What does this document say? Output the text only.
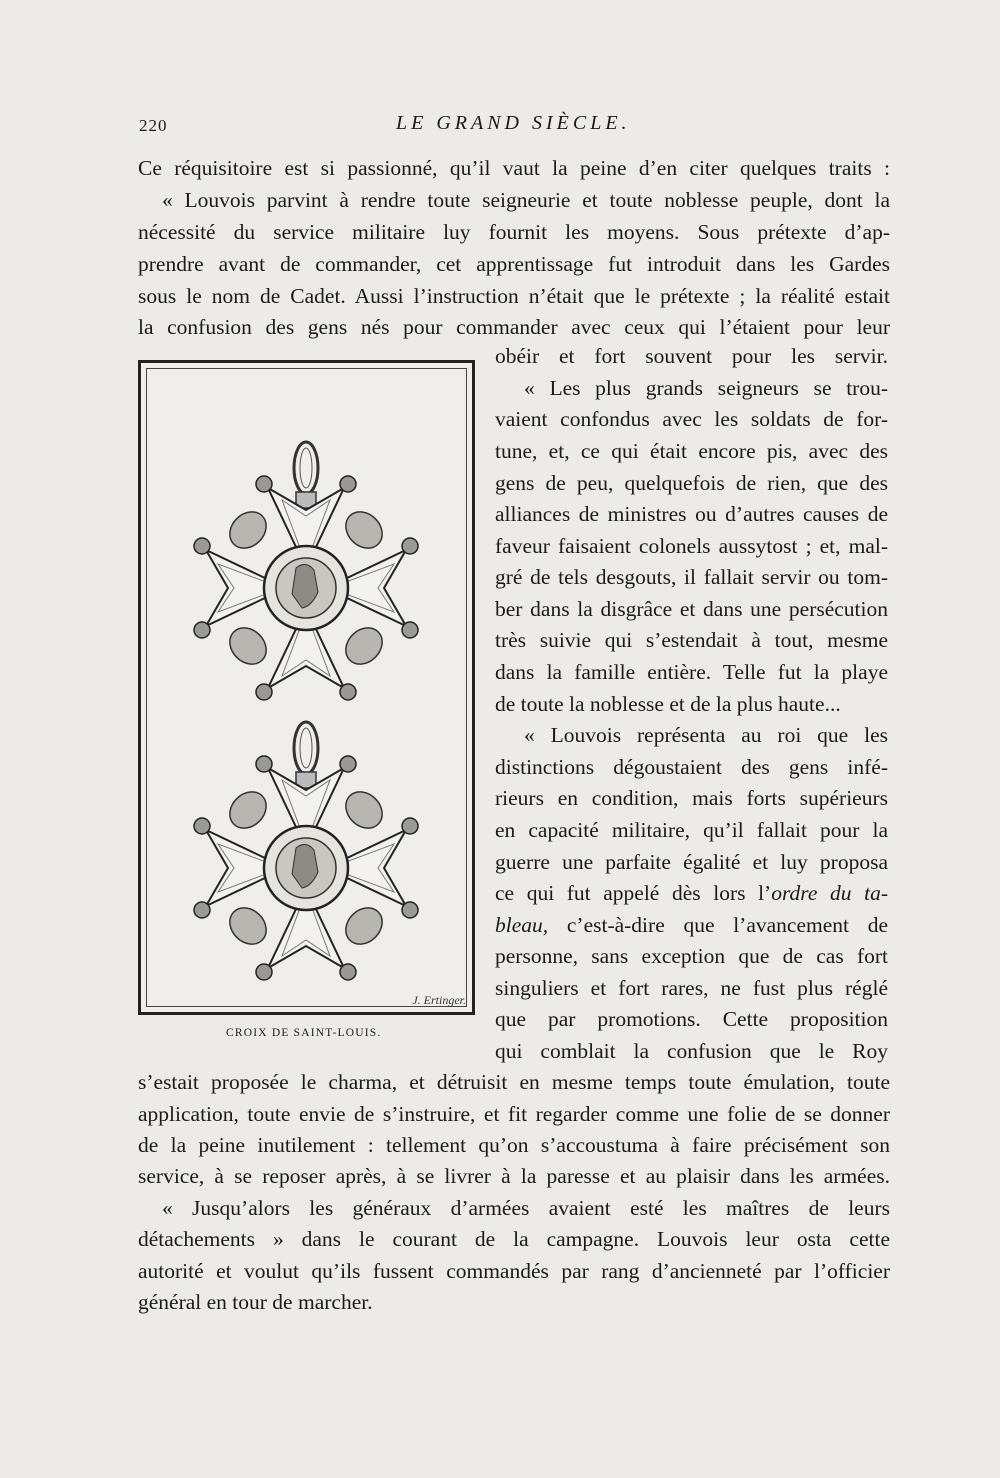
220	LE GRAND SIÈCLE.
Ce réquisitoire est si passionné, qu’il vaut la peine d’en citer quelques traits :
« Louvois parvint à rendre toute seigneurie et toute noblesse peuple, dont la
nécessité du service militaire luy fournit les moyens. Sous prétexte d’ap-
prendre avant de commander, cet apprentissage fut introduit dans les Gardes
sous le nom de Cadet. Aussi l’instruction n’était que le prétexte ; la réalité estait
la confusion des gens nés pour commander avec ceux qui l’étaient pour leur
obéir et fort souvent pour les servir.
« Les plus grands seigneurs se trou-
vaient confondus avec les soldats de for-
tune, et, ce qui était encore pis, avec des
gens de peu, quelquefois de rien, que des
alliances de ministres ou d’autres causes de
faveur faisaient colonels aussytost ; et, mal-
gré de tels desgouts, il fallait servir ou tom-
ber dans la disgrâce et dans une persécution
très suivie qui s’estendait à tout, mesme
dans la famille entière. Telle fut la playe
de toute la noblesse et de la plus haute...
« Louvois représenta au roi que les
distinctions dégoustaient des gens infé-
rieurs en condition, mais forts supérieurs
en capacité militaire, qu’il fallait pour la
guerre une parfaite égalité et luy proposa
ce qui fut appelé dès lors l’ordre du ta-
bleau, c’est-à-dire que l’avancement de
personne, sans exception que de cas fort
singuliers et fort rares, ne fust plus réglé
que par promotions. Cette proposition
qui comblait la confusion que le Roy
s’estait proposée le charma, et détruisit en mesme temps toute émulation, toute
application, toute envie de s’instruire, et fit regarder comme une folie de se donner
de la peine inutilement : tellement qu’on s’accoustuma à faire précisément son
service, à se reposer après, à se livrer à la paresse et au plaisir dans les armées.
« Jusqu’alors les généraux d’armées avaient esté les maîtres de leurs
détachements » dans le courant de la campagne. Louvois leur osta cette
autorité et voulut qu’ils fussent commandés par rang d’ancienneté par l’officier
général en tour de marcher.
J. Ertinger.
CROIX DE SAINT-LOUIS.
